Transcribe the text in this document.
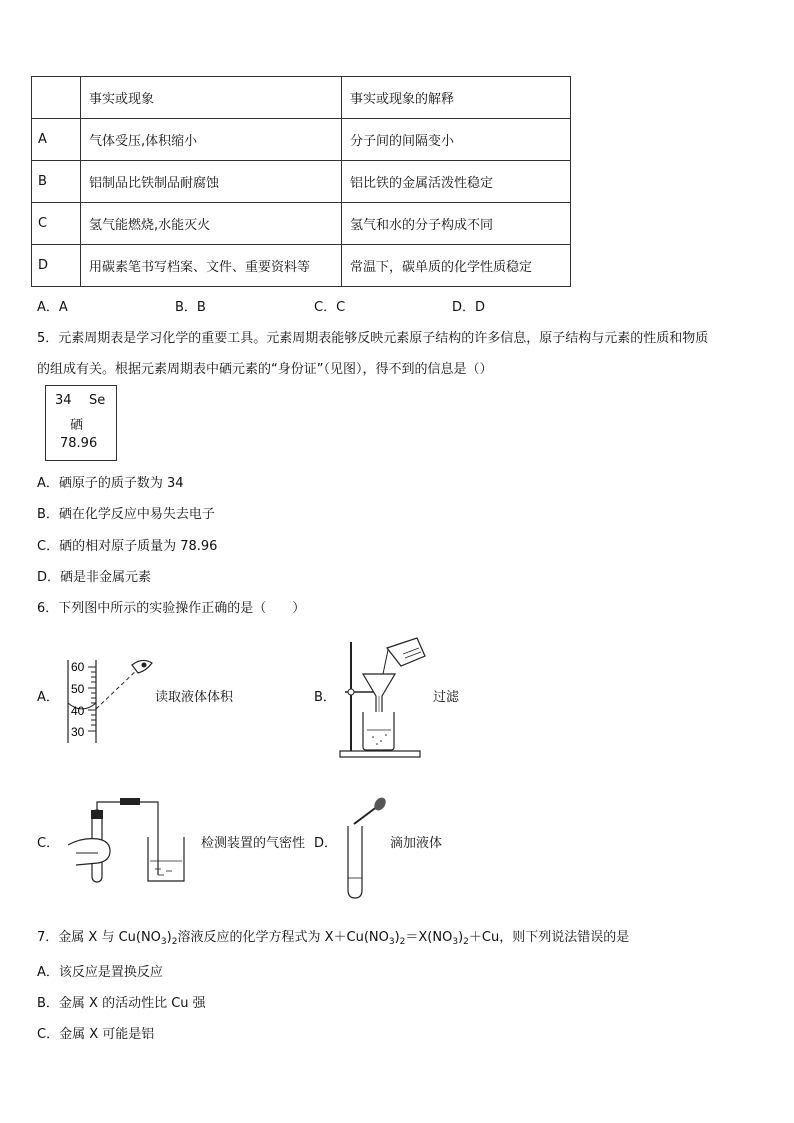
	事实或现象	事实或现象的解释
A	气体受压,体积缩小	分子间的间隔变小
B	铝制品比铁制品耐腐蚀	铝比铁的金属活泼性稳定
C	氢气能燃烧,水能灭火	氢气和水的分子构成不同
D	用碳素笔书写档案、文件、重要资料等	常温下，碳单质的化学性质稳定
A．A	B．B	C．C	D．D
5．元素周期表是学习化学的重要工具。元素周期表能够反映元素原子结构的许多信息，原子结构与元素的性质和物质
的组成有关。根据元素周期表中硒元素的“身份证”（见图），得不到的信息是（）
34 Se
硒
78.96
A．硒原子的质子数为 34
B．硒在化学反应中易失去电子
C．硒的相对原子质量为 78.96
D．硒是非金属元素
6．下列图中所示的实验操作正确的是（　　）
A．
60
50
40
30
读取液体体积	B．	过滤
C．	检测装置的气密性 D．	滴加液体
7．金属 X 与 $Cu(NO_3)_2$溶液反应的化学方程式为 $X+Cu(NO_3)_2=X(NO_3)_2+Cu$，则下列说法错误的是
A．该反应是置换反应
B．金属 X 的活动性比 Cu 强
C．金属 X 可能是铝
